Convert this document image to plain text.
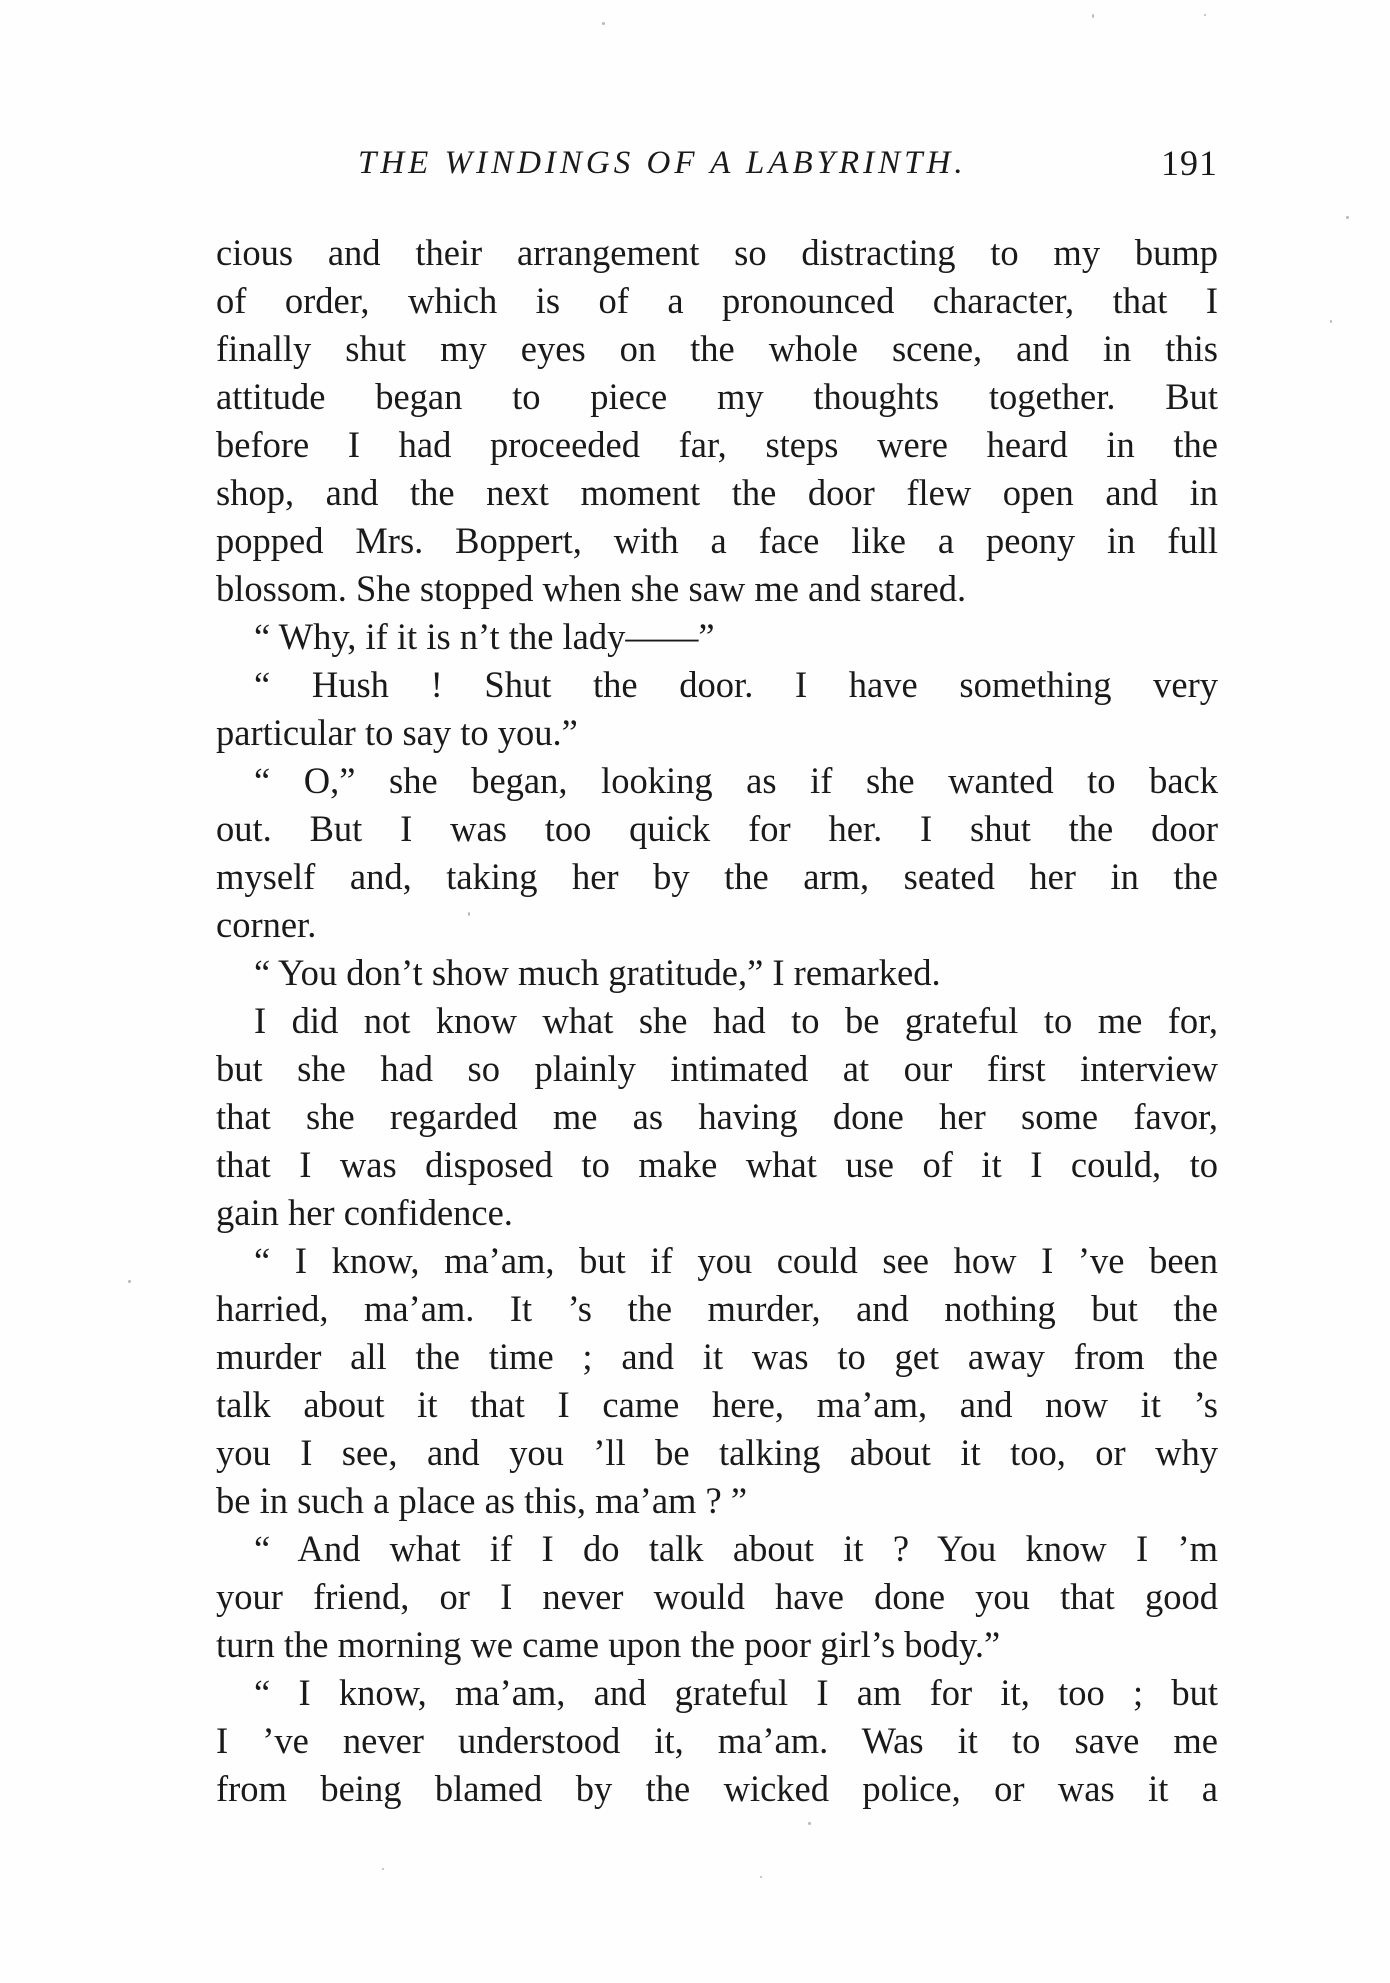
THE WINDINGS OF A LABYRINTH.	191
cious and their arrangement so distracting to my bump
of order, which is of a pronounced character, that I
finally shut my eyes on the whole scene, and in this
attitude began to piece my thoughts together. But
before I had proceeded far, steps were heard in the
shop, and the next moment the door flew open and in
popped Mrs. Boppert, with a face like a peony in full
blossom. She stopped when she saw me and stared.
“ Why, if it is n’t the lady——”
“ Hush ! Shut the door. I have something very
particular to say to you.”
“ O,” she began, looking as if she wanted to back
out. But I was too quick for her. I shut the door
myself and, taking her by the arm, seated her in the
corner.
“ You don’t show much gratitude,” I remarked.
I did not know what she had to be grateful to me for,
but she had so plainly intimated at our first interview
that she regarded me as having done her some favor,
that I was disposed to make what use of it I could, to
gain her confidence.
“ I know, ma’am, but if you could see how I ’ve been
harried, ma’am. It ’s the murder, and nothing but the
murder all the time ; and it was to get away from the
talk about it that I came here, ma’am, and now it ’s
you I see, and you ’ll be talking about it too, or why
be in such a place as this, ma’am ? ”
“ And what if I do talk about it ? You know I ’m
your friend, or I never would have done you that good
turn the morning we came upon the poor girl’s body.”
“ I know, ma’am, and grateful I am for it, too ; but
I ’ve never understood it, ma’am. Was it to save me
from being blamed by the wicked police, or was it a
